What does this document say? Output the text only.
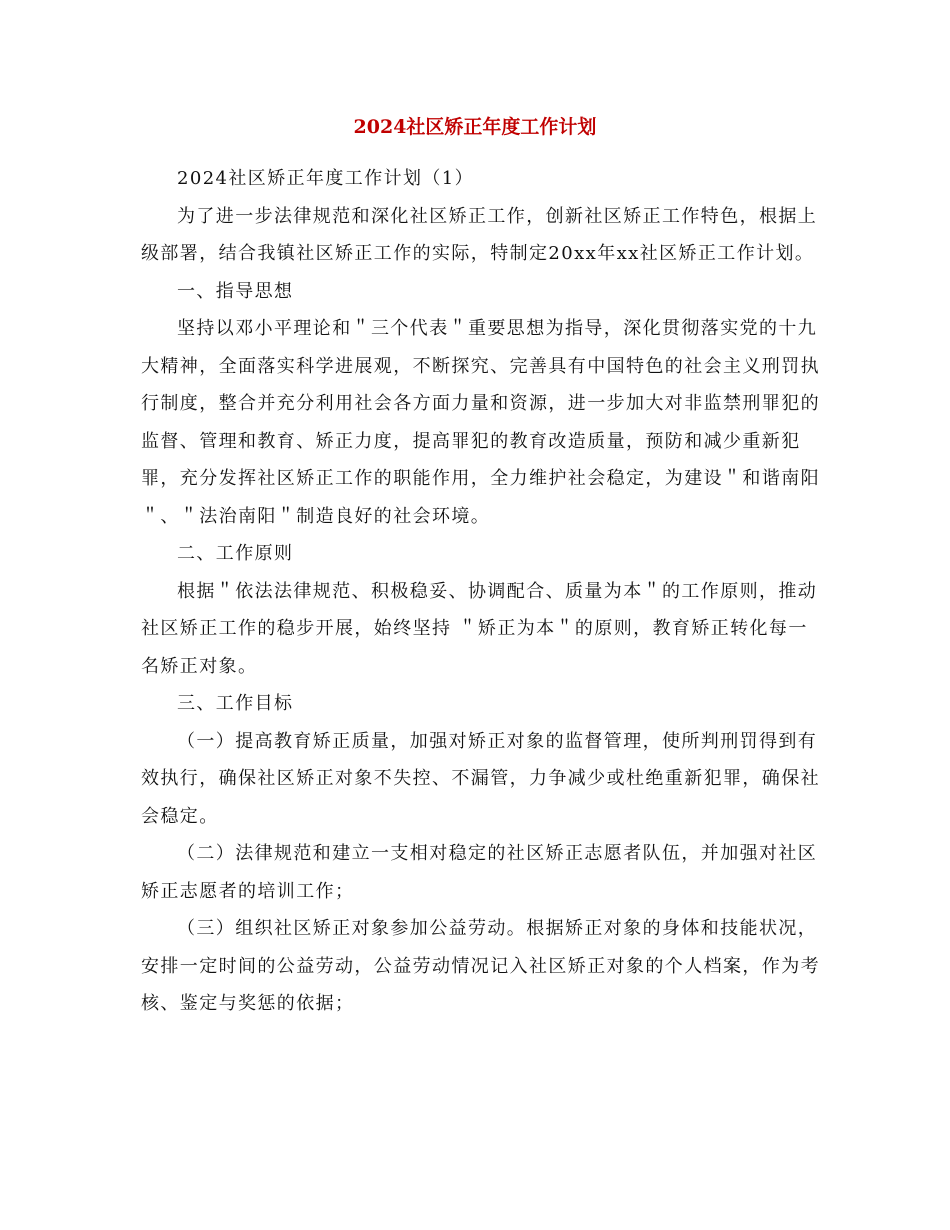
2024社区矫正年度工作计划

2024社区矫正年度工作计划（1）

为了进一步法律规范和深化社区矫正工作，创新社区矫正工作特色，根据上级部署，结合我镇社区矫正工作的实际，特制定20xx年xx社区矫正工作计划。

一、指导思想

坚持以邓小平理论和＂三个代表＂重要思想为指导，深化贯彻落实党的十九大精神，全面落实科学进展观，不断探究、完善具有中国特色的社会主义刑罚执行制度，整合并充分利用社会各方面力量和资源，进一步加大对非监禁刑罪犯的监督、管理和教育、矫正力度，提高罪犯的教育改造质量，预防和减少重新犯罪，充分发挥社区矫正工作的职能作用，全力维护社会稳定，为建设＂和谐南阳＂、＂法治南阳＂制造良好的社会环境。

二、工作原则

根据＂依法法律规范、积极稳妥、协调配合、质量为本＂的工作原则，推动社区矫正工作的稳步开展，始终坚持 ＂矫正为本＂的原则，教育矫正转化每一名矫正对象。

三、工作目标

（一）提高教育矫正质量，加强对矫正对象的监督管理，使所判刑罚得到有效执行，确保社区矫正对象不失控、不漏管，力争减少或杜绝重新犯罪，确保社会稳定。

（二）法律规范和建立一支相对稳定的社区矫正志愿者队伍，并加强对社区矫正志愿者的培训工作；

（三）组织社区矫正对象参加公益劳动。根据矫正对象的身体和技能状况，安排一定时间的公益劳动，公益劳动情况记入社区矫正对象的个人档案，作为考核、鉴定与奖惩的依据；
